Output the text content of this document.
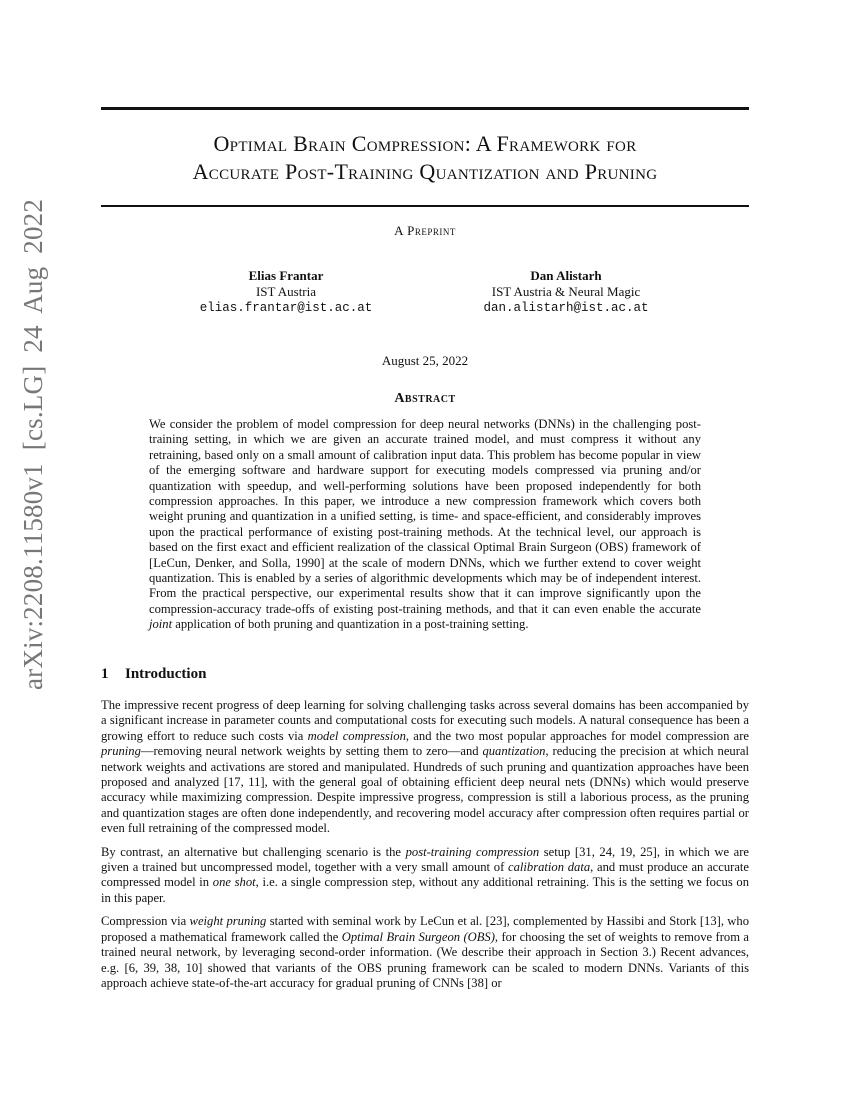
arXiv:2208.11580v1 [cs.LG] 24 Aug 2022
Optimal Brain Compression: A Framework for
Accurate Post-Training Quantization and Pruning
A Preprint
Elias Frantar
IST Austria
elias.frantar@ist.ac.at
Dan Alistarh
IST Austria & Neural Magic
dan.alistarh@ist.ac.at
August 25, 2022
Abstract

We consider the problem of model compression for deep neural networks (DNNs) in the challenging post-training setting, in which we are given an accurate trained model, and must compress it without any retraining, based only on a small amount of calibration input data. This problem has become popular in view of the emerging software and hardware support for executing models compressed via pruning and/or quantization with speedup, and well-performing solutions have been proposed independently for both compression approaches. In this paper, we introduce a new compression framework which covers both weight pruning and quantization in a unified setting, is time- and space-efficient, and considerably improves upon the practical performance of existing post-training methods. At the technical level, our approach is based on the first exact and efficient realization of the classical Optimal Brain Surgeon (OBS) framework of [LeCun, Denker, and Solla, 1990] at the scale of modern DNNs, which we further extend to cover weight quantization. This is enabled by a series of algorithmic developments which may be of independent interest. From the practical perspective, our experimental results show that it can improve significantly upon the compression-accuracy trade-offs of existing post-training methods, and that it can even enable the accurate joint application of both pruning and quantization in a post-training setting.

1 Introduction

The impressive recent progress of deep learning for solving challenging tasks across several domains has been accompanied by a significant increase in parameter counts and computational costs for executing such models. A natural consequence has been a growing effort to reduce such costs via model compression, and the two most popular approaches for model compression are pruning—removing neural network weights by setting them to zero—and quantization, reducing the precision at which neural network weights and activations are stored and manipulated. Hundreds of such pruning and quantization approaches have been proposed and analyzed [17, 11], with the general goal of obtaining efficient deep neural nets (DNNs) which would preserve accuracy while maximizing compression. Despite impressive progress, compression is still a laborious process, as the pruning and quantization stages are often done independently, and recovering model accuracy after compression often requires partial or even full retraining of the compressed model.

By contrast, an alternative but challenging scenario is the post-training compression setup [31, 24, 19, 25], in which we are given a trained but uncompressed model, together with a very small amount of calibration data, and must produce an accurate compressed model in one shot, i.e. a single compression step, without any additional retraining. This is the setting we focus on in this paper.

Compression via weight pruning started with seminal work by LeCun et al. [23], complemented by Hassibi and Stork [13], who proposed a mathematical framework called the Optimal Brain Surgeon (OBS), for choosing the set of weights to remove from a trained neural network, by leveraging second-order information. (We describe their approach in Section 3.) Recent advances, e.g. [6, 39, 38, 10] showed that variants of the OBS pruning framework can be scaled to modern DNNs. Variants of this approach achieve state-of-the-art accuracy for gradual pruning of CNNs [38] or
